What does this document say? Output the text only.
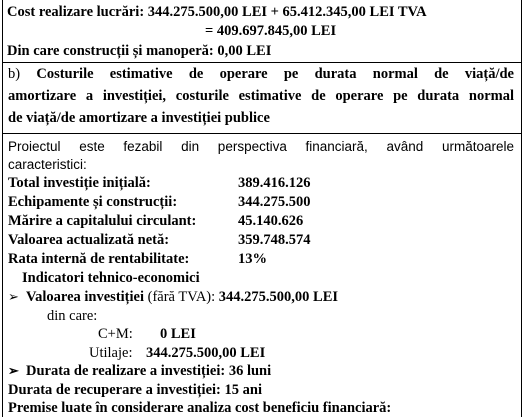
Cost realizare lucrări: 344.275.500,00 LEI + 65.412.345,00 LEI TVA
= 409.697.845,00 LEI
Din care construcții și manoperă: 0,00 LEI
b) Costurile estimative de operare pe durata normal de viață/de
amortizare a investiției, costurile estimative de operare pe durata normal
de viață/de amortizare a investiției publice
Proiectul este fezabil din perspectiva financiară, având următoarele
caracteristici:
Total investiție inițială:	389.416.126
Echipamente și construcții:	344.275.500
Mărire a capitalului circulant:	45.140.626
Valoarea actualizată netă:	359.748.574
Rata internă de rentabilitate:	13%
Indicatori tehnico-economici
➢ Valoarea investiției (fără TVA): 344.275.500,00 LEI
din care:
C+M: 0 LEI
Utilaje: 344.275.500,00 LEI
➢ Durata de realizare a investiției: 36 luni
Durata de recuperare a investiției: 15 ani
Premise luate în considerare analiza cost beneficiu financiară:
